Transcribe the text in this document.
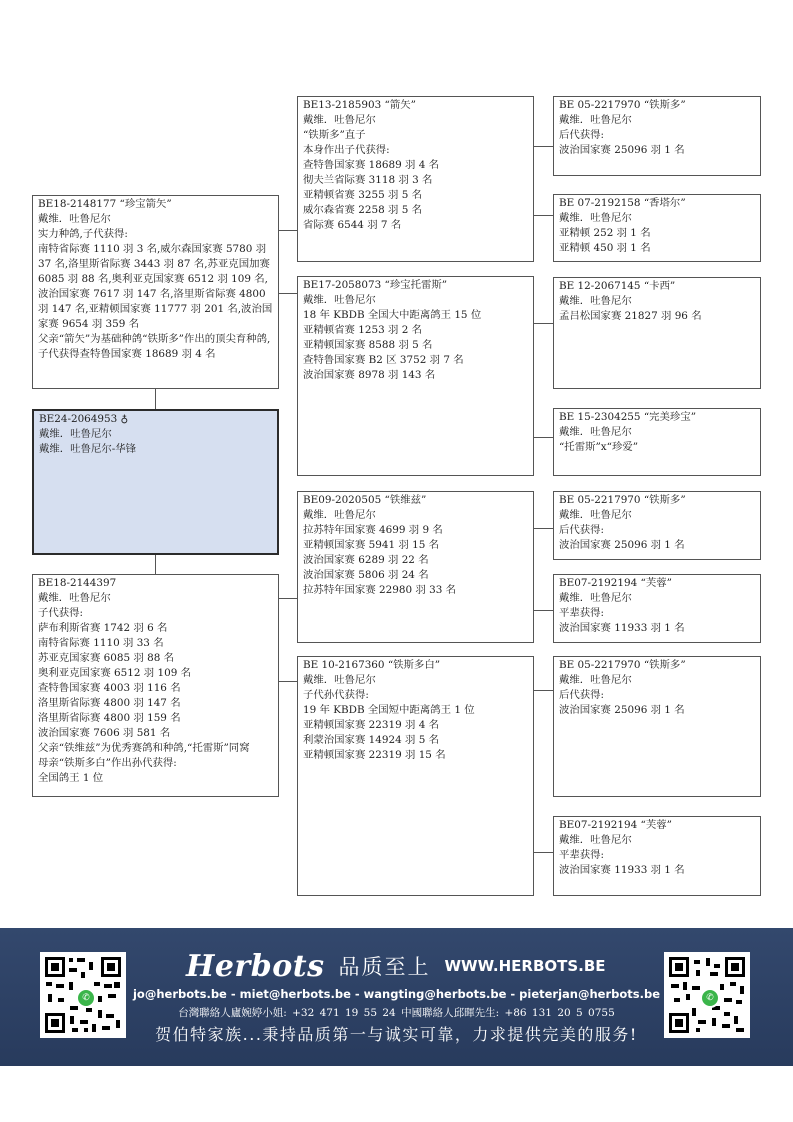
BE24-2064953 ♁
戴维．吐鲁尼尔
戴维．吐鲁尼尔-华锋
BE18-2148177 “珍宝箭矢”
戴维．吐鲁尼尔
实力种鸽,子代获得:
南特省际赛 1110 羽 3 名,威尔森国家赛 5780 羽 37 名,洛里斯省际赛 3443 羽 87 名,苏亚克国加赛 6085 羽 88 名,奥利亚克国家赛 6512 羽 109 名,波治国家赛 7617 羽 147 名,洛里斯省际赛 4800 羽 147 名,亚精顿国家赛 11777 羽 201 名,波治国家赛 9654 羽 359 名
父亲“箭矢”为基础种鸽“铁斯多”作出的顶尖育种鸽,子代获得查特鲁国家赛 18689 羽 4 名
BE18-2144397
戴维．吐鲁尼尔
子代获得:
萨布利斯省赛 1742 羽 6 名
南特省际赛 1110 羽 33 名
苏亚克国家赛 6085 羽 88 名
奥利亚克国家赛 6512 羽 109 名
查特鲁国家赛 4003 羽 116 名
洛里斯省际赛 4800 羽 147 名
洛里斯省际赛 4800 羽 159 名
波治国家赛 7606 羽 581 名
父亲“铁维兹”为优秀赛鸽和种鸽,“托雷斯”同窝
母亲“铁斯多白”作出孙代获得:
全国鸽王 1 位
BE13-2185903 “箭矢”
戴维．吐鲁尼尔
“铁斯多”直子
本身作出子代获得:
查特鲁国家赛 18689 羽 4 名
彻夫兰省际赛 3118 羽 3 名
亚精顿省赛 3255 羽 5 名
威尔森省赛 2258 羽 5 名
省际赛 6544 羽 7 名
BE17-2058073 “珍宝托雷斯”
戴维．吐鲁尼尔
18 年 KBDB 全国大中距离鸽王 15 位
亚精顿省赛 1253 羽 2 名
亚精顿国家赛 8588 羽 5 名
查特鲁国家赛 B2 区 3752 羽 7 名
波治国家赛 8978 羽 143 名
BE09-2020505 “铁维兹”
戴维．吐鲁尼尔
拉苏特年国家赛 4699 羽 9 名
亚精顿国家赛 5941 羽 15 名
波治国家赛 6289 羽 22 名
波治国家赛 5806 羽 24 名
拉苏特年国家赛 22980 羽 33 名
BE 10-2167360 “铁斯多白”
戴维．吐鲁尼尔
子代孙代获得:
19 年 KBDB 全国短中距离鸽王 1 位
亚精顿国家赛 22319 羽 4 名
利蒙治国家赛 14924 羽 5 名
亚精顿国家赛 22319 羽 15 名
BE 05-2217970 “铁斯多”
戴维．吐鲁尼尔
后代获得:
波治国家赛 25096 羽 1 名
BE 07-2192158 “香塔尔”
戴维．吐鲁尼尔
亚精顿 252 羽 1 名
亚精顿 450 羽 1 名
BE 12-2067145 “卡西”
戴维．吐鲁尼尔
孟吕松国家赛 21827 羽 96 名
BE 15-2304255 “完美珍宝”
戴维．吐鲁尼尔
“托雷斯”x“珍爱”
BE 05-2217970 “铁斯多”
戴维．吐鲁尼尔
后代获得:
波治国家赛 25096 羽 1 名
BE07-2192194 “芙蓉”
戴维．吐鲁尼尔
平辈获得:
波治国家赛 11933 羽 1 名
BE 05-2217970 “铁斯多”
戴维．吐鲁尼尔
后代获得:
波治国家赛 25096 羽 1 名
BE07-2192194 “芙蓉”
戴维．吐鲁尼尔
平辈获得:
波治国家赛 11933 羽 1 名
✆
Herbots 品质至上 WWW.HERBOTS.BE
jo@herbots.be - miet@herbots.be - wangting@herbots.be - pieterjan@herbots.be
台灣聯絡人廬婉婷小姐: +32 471 19 55 24 中國聯絡人邱暉先生: +86 131 20 5 0755
贺伯特家族...秉持品质第一与诚实可靠，力求提供完美的服务!
✆
